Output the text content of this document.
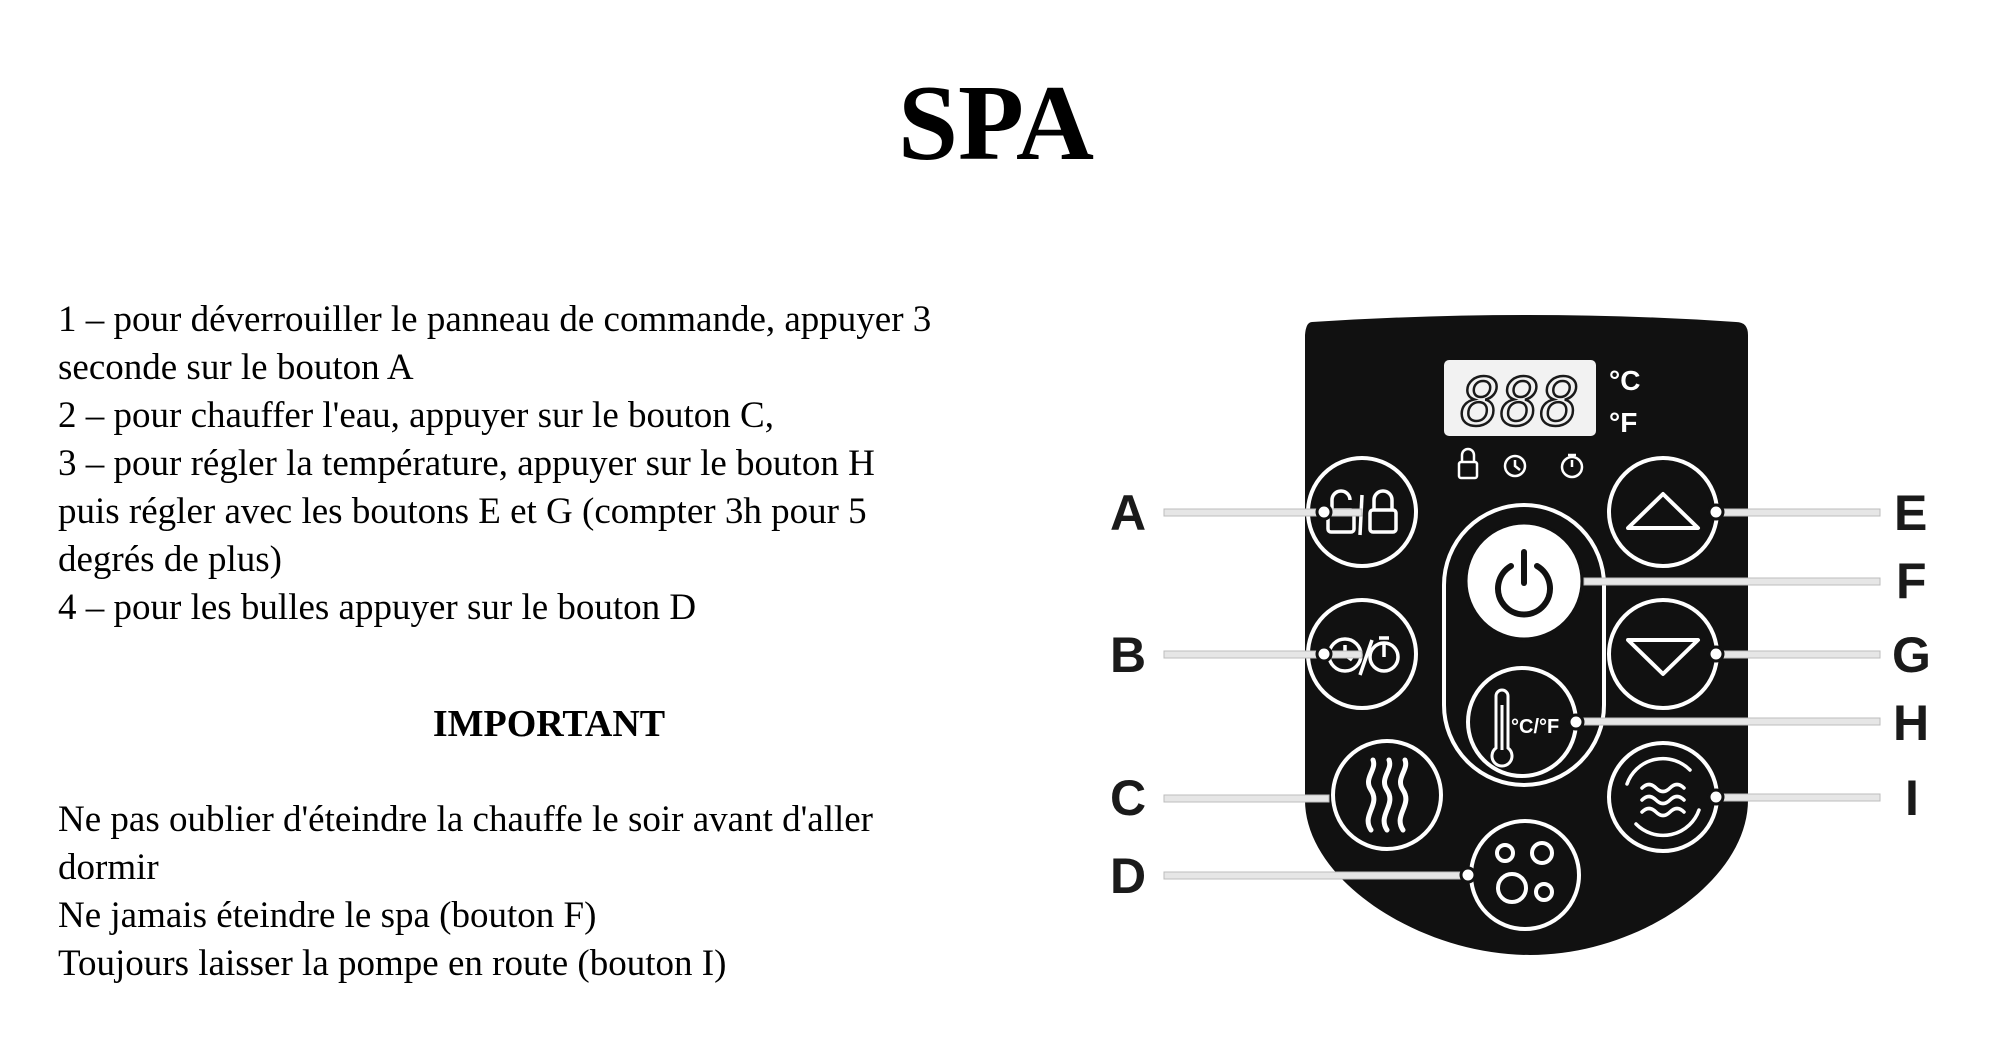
SPA

1 – pour déverrouiller le panneau de commande, appuyer 3

seconde sur le bouton A

2 – pour chauffer l'eau, appuyer sur le bouton C,

3 – pour régler la température, appuyer sur le bouton H

puis régler avec les boutons E et G (compter 3h pour 5

degrés de plus)

4 – pour les bulles appuyer sur le bouton D

IMPORTANT

Ne pas oublier d'éteindre la chauffe le soir avant d'aller

dormir

Ne jamais éteindre le spa (bouton F)

Toujours laisser la pompe en route (bouton I)

888 °C
°F
°C/°F
A
B
C
D
E
F
G
H
I
